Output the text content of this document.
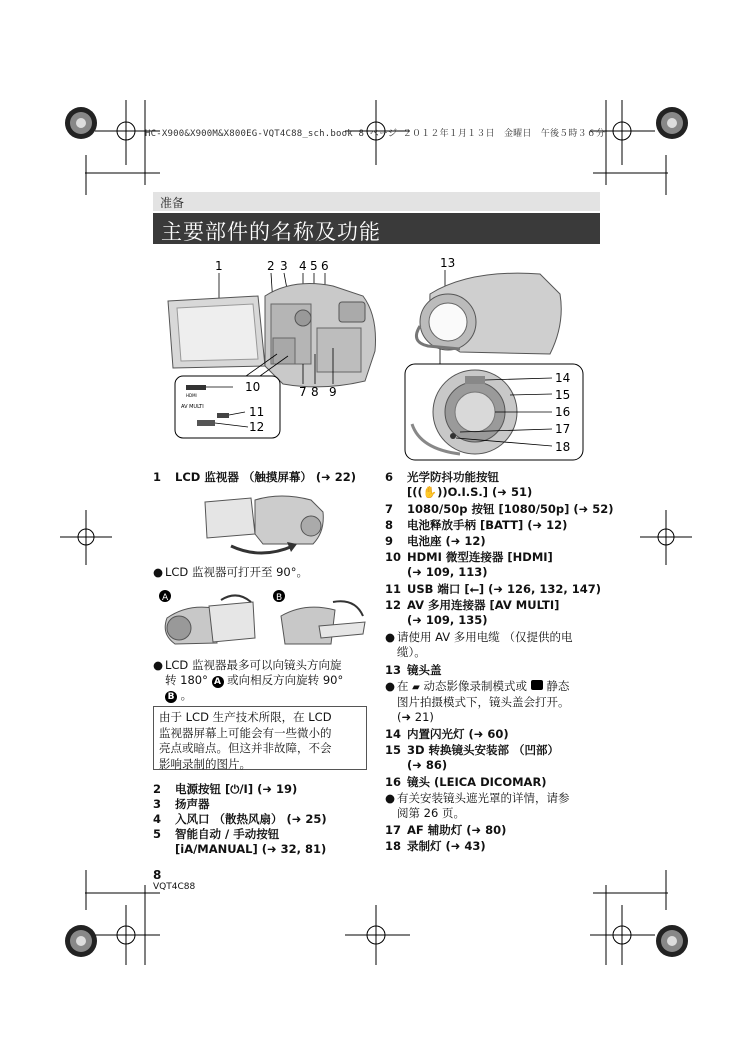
HC-X900&X900M&X800EG-VQT4C88_sch.book 8 ページ ２０１２年１月１３日　金曜日　午後５時３６分
准备
主要部件的名称及功能
1	2 3 4 5 6
7 8 9
HDMI
AV MULTI
10
11
12
13
14
15
16
17
18
1 LCD 监视器 （触摸屏幕） (➜ 22)
● LCD 监视器可打开至 90°。
A	B
● LCD 监视器最多可以向镜头方向旋
转 180° A 或向相反方向旋转 90°
B 。
2 电源按钮 [⏻/I] (➜ 19)
3 扬声器
4 入风口 （散热风扇） (➜ 25)
5 智能自动 / 手动按钮
[iA/MANUAL] (➜ 32, 81)
由于 LCD 生产技术所限，在 LCD
监视器屏幕上可能会有一些微小的
亮点或暗点。但这并非故障，不会
影响录制的图片。
6 光学防抖功能按钮
[((✋))O.I.S.] (➜ 51)
7 1080/50p 按钮 [1080/50p] (➜ 52)
8 电池释放手柄 [BATT] (➜ 12)
9 电池座 (➜ 12)
10 HDMI 微型连接器 [HDMI]
(➜ 109, 113)
11 USB 端口 [⭠] (➜ 126, 132, 147)
12 AV 多用连接器 [AV MULTI]
(➜ 109, 135)
● 请使用 AV 多用电缆 （仅提供的电
缆）。
13 镜头盖
● 在 ▰ 动态影像录制模式或 静态
图片拍摄模式下，镜头盖会打开。
(➜ 21)
14 内置闪光灯 (➜ 60)
15 3D 转换镜头安装部 （凹部）
(➜ 86)
16 镜头 (LEICA DICOMAR)
● 有关安装镜头遮光罩的详情，请参
阅第 26 页。
17 AF 辅助灯 (➜ 80)
18 录制灯 (➜ 43)
8
VQT4C88
